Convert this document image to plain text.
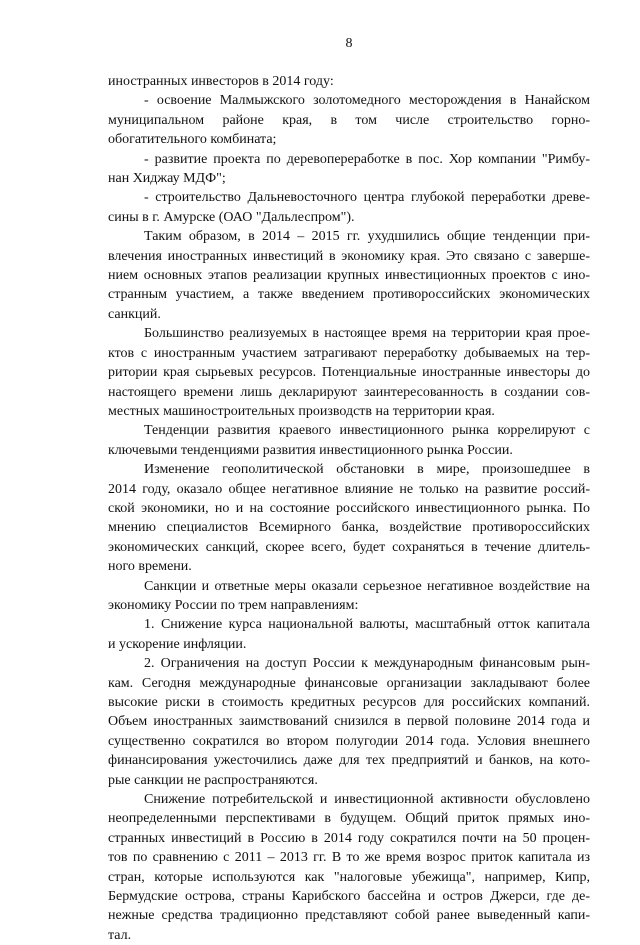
8
иностранных инвесторов в 2014 году:
- освоение Малмыжского золотомедного месторождения в Нанайском
муниципальном районе края, в том числе строительство горно-
обогатительного комбината;
- развитие проекта по деревопереработке в пос. Хор компании "Римбу-
нан Хиджау МДФ";
- строительство Дальневосточного центра глубокой переработки древе-
сины в г. Амурске (ОАО "Дальлеспром").
Таким образом, в 2014 – 2015 гг. ухудшились общие тенденции при-
влечения иностранных инвестиций в экономику края. Это связано с заверше-
нием основных этапов реализации крупных инвестиционных проектов с ино-
странным участием, а также введением противороссийских экономических
санкций.
Большинство реализуемых в настоящее время на территории края прое-
ктов с иностранным участием затрагивают переработку добываемых на тер-
ритории края сырьевых ресурсов. Потенциальные иностранные инвесторы до
настоящего времени лишь декларируют заинтересованность в создании сов-
местных машиностроительных производств на территории края.
Тенденции развития краевого инвестиционного рынка коррелируют с
ключевыми тенденциями развития инвестиционного рынка России.
Изменение геополитической обстановки в мире, произошедшее в
2014 году, оказало общее негативное влияние не только на развитие россий-
ской экономики, но и на состояние российского инвестиционного рынка. По
мнению специалистов Всемирного банка, воздействие противороссийских
экономических санкций, скорее всего, будет сохраняться в течение длитель-
ного времени.
Санкции и ответные меры оказали серьезное негативное воздействие на
экономику России по трем направлениям:
1. Снижение курса национальной валюты, масштабный отток капитала
и ускорение инфляции.
2. Ограничения на доступ России к международным финансовым рын-
кам. Сегодня международные финансовые организации закладывают более
высокие риски в стоимость кредитных ресурсов для российских компаний.
Объем иностранных заимствований снизился в первой половине 2014 года и
существенно сократился во втором полугодии 2014 года. Условия внешнего
финансирования ужесточились даже для тех предприятий и банков, на кото-
рые санкции не распространяются.
Снижение потребительской и инвестиционной активности обусловлено
неопределенными перспективами в будущем. Общий приток прямых ино-
странных инвестиций в Россию в 2014 году сократился почти на 50 процен-
тов по сравнению с 2011 – 2013 гг. В то же время возрос приток капитала из
стран, которые используются как "налоговые убежища", например, Кипр,
Бермудские острова, страны Карибского бассейна и остров Джерси, где де-
нежные средства традиционно представляют собой ранее выведенный капи-
тал.
